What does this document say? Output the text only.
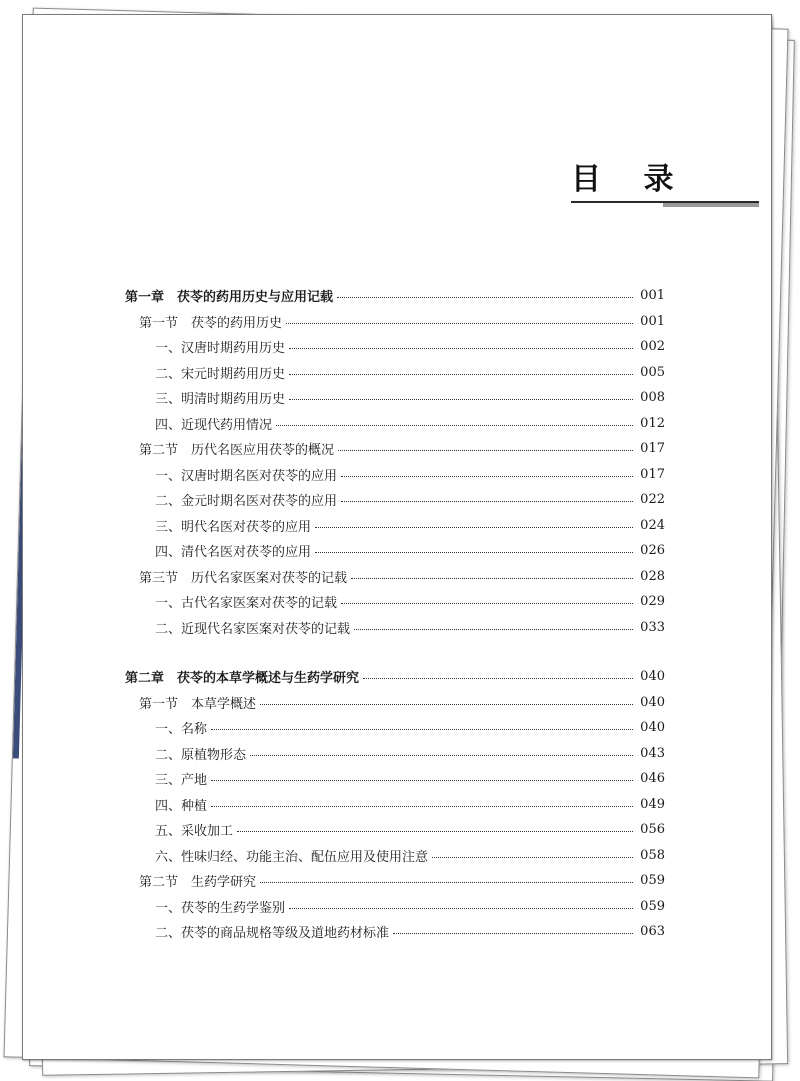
目 录
第一章　茯苓的药用历史与应用记载	001
第一节　茯苓的药用历史	001
一、汉唐时期药用历史	002
二、宋元时期药用历史	005
三、明清时期药用历史	008
四、近现代药用情况	012
第二节　历代名医应用茯苓的概况	017
一、汉唐时期名医对茯苓的应用	017
二、金元时期名医对茯苓的应用	022
三、明代名医对茯苓的应用	024
四、清代名医对茯苓的应用	026
第三节　历代名家医案对茯苓的记载	028
一、古代名家医案对茯苓的记载	029
二、近现代名家医案对茯苓的记载	033
第二章　茯苓的本草学概述与生药学研究	040
第一节　本草学概述	040
一、名称	040
二、原植物形态	043
三、产地	046
四、种植	049
五、采收加工	056
六、性味归经、功能主治、配伍应用及使用注意	058
第二节　生药学研究	059
一、茯苓的生药学鉴别	059
二、茯苓的商品规格等级及道地药材标准	063
